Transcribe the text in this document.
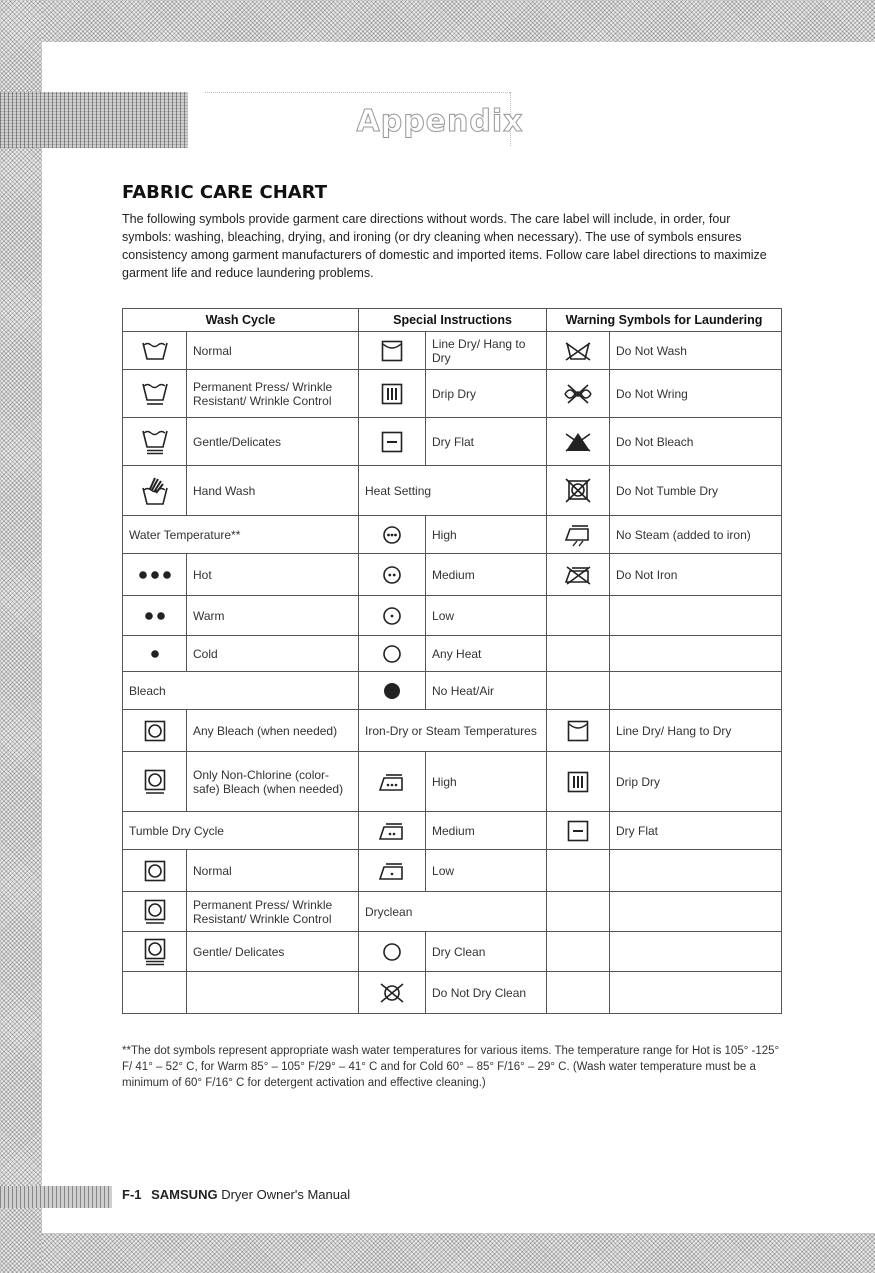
Appendix
FABRIC CARE CHART
The following symbols provide garment care directions without words. The care label will include, in order, four symbols: washing, bleaching, drying, and ironing (or dry cleaning when necessary). The use of symbols ensures consistency among garment manufacturers of domestic and imported items. Follow care label directions to maximize garment life and reduce laundering problems.
Wash Cycle		Special Instructions		Warning Symbols for Laundering	

	Normal		Line Dry/ Hang to Dry		Do Not Wash

	Permanent Press/ Wrinkle Resistant/ Wrinkle Control		Drip Dry		Do Not Wring

	Gentle/Delicates		Dry Flat		Do Not Bleach

	Hand Wash	Heat Setting			Do Not Tumble Dry
Water Temperature**			High		No Steam (added to iron)

	Hot		Medium		Do Not Iron

	Warm		Low		

	Cold		Any Heat		
Bleach			No Heat/Air		

	Any Bleach (when needed)	Iron-Dry or Steam Temperatures			Line Dry/ Hang to Dry

	Only Non-Chlorine (color-safe) Bleach (when needed)		High		Drip Dry
Tumble Dry Cycle			Medium		Dry Flat

	Normal		Low		

	Permanent Press/ Wrinkle Resistant/ Wrinkle Control	Dryclean			

	Gentle/ Delicates		Dry Clean		

	Do Not Dry Clean		
**The dot symbols represent appropriate wash water temperatures for various items. The temperature range for Hot is 105° -125° F/ 41° – 52° C, for Warm 85° – 105° F/29° – 41° C and for Cold 60° – 85° F/16° – 29° C. (Wash water temperature must be a minimum of 60° F/16° C for detergent activation and effective cleaning.)
F-1 SAMSUNG Dryer Owner's Manual
